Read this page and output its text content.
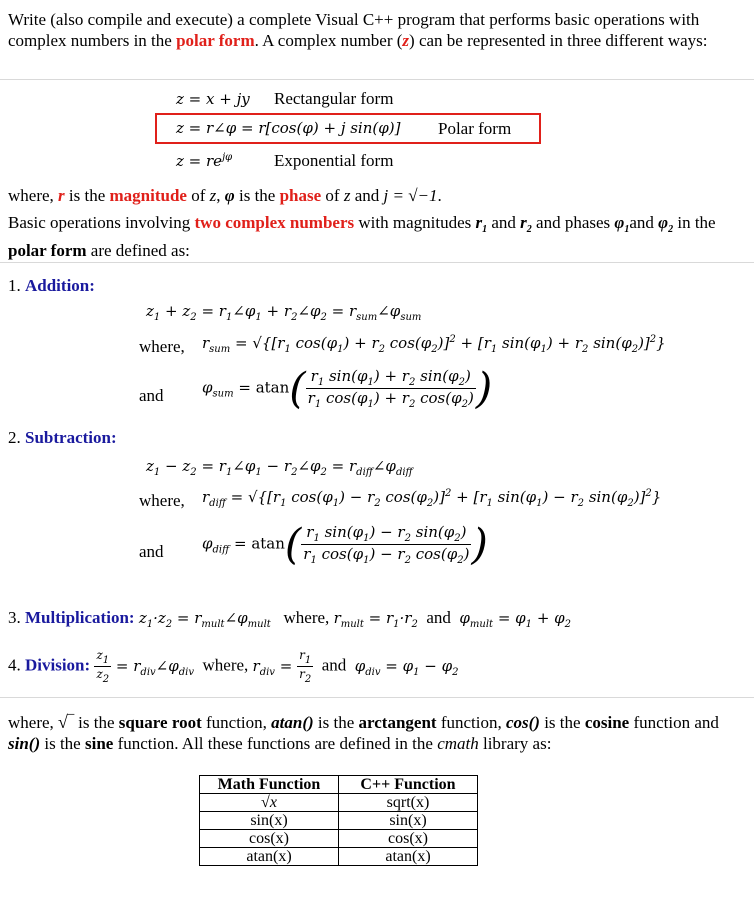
Write (also compile and execute) a complete Visual C++ program that performs basic operations with complex numbers in the polar form. A complex number (z) can be represented in three different ways:
z = x + jy Rectangular form
z = r∠φ = r[cos(φ) + j sin(φ)] Polar form
$z = re^{j\varphi}$ Exponential form
where, r is the magnitude of z, φ is the phase of z and j = √−1.
Basic operations involving two complex numbers with magnitudes $r_1$ and $r_2$ and phases $\varphi_1and$ $\varphi_2$ in the polar form are defined as:
1. Addition:
$z_1 + z_2$ = $r_1\angle\varphi_1$ + $r_2\angle\varphi_2$ = $r_{sum}\angle\varphi_{sum}$
where, $r_{sum} = √\{[r_1$ $\cos(\varphi_1) + r_2$ $\cos(\varphi_2)]^2 + [r_1$ $\sin(\varphi_1) + r_2$ $\sin(\varphi_2)]^2$}
and	$\varphi_{sum} = atan( \frac{r_1 \sin(\varphi_1) + r_2 \sin(\varphi_2)}{r_1 \cos(\varphi_1) + r_2 \cos(\varphi_2)}$ )
2. Subtraction:
$z_1 - z_2$ = $r_1\angle\varphi_1$ − $r_2\angle\varphi_2$ = $r_{diff}\angle\varphi_{diff}$
where, $r_{diff} = √\{[r_1$ $\cos(\varphi_1) - r_2$ $\cos(\varphi_2)]^2 + [r_1$ $\sin(\varphi_1) - r_2$ $\sin(\varphi_2)]^2$}
and	$\varphi_{diff} = atan( \frac{r_1 \sin(\varphi_1) - r_2 \sin(\varphi_2)}{r_1 \cos(\varphi_1) - r_2 \cos(\varphi_2)}$ )
3. Multiplication: $z_1\cdot z_2$ = $r_{mult}\angle\varphi_{mult}$ where, $r_{mult} = r_1\cdot r_2$ and $\varphi_{mult} = \varphi_1 + \varphi_2$
4. Division: $\frac{z_1}{z_2}$ = $r_{div}\angle\varphi_{div}$ where, $r_{div} = \frac{r_1}{r_2}$ and $\varphi_{div} = \varphi_1 - \varphi_2$
where, √‾ is the square root function, atan() is the arctangent function, cos() is the cosine function and sin() is the sine function. All these functions are defined in the cmath library as:
Math Function	C++ Function
√x	sqrt(x)
sin(x)	sin(x)
cos(x)	cos(x)
atan(x)	atan(x)
